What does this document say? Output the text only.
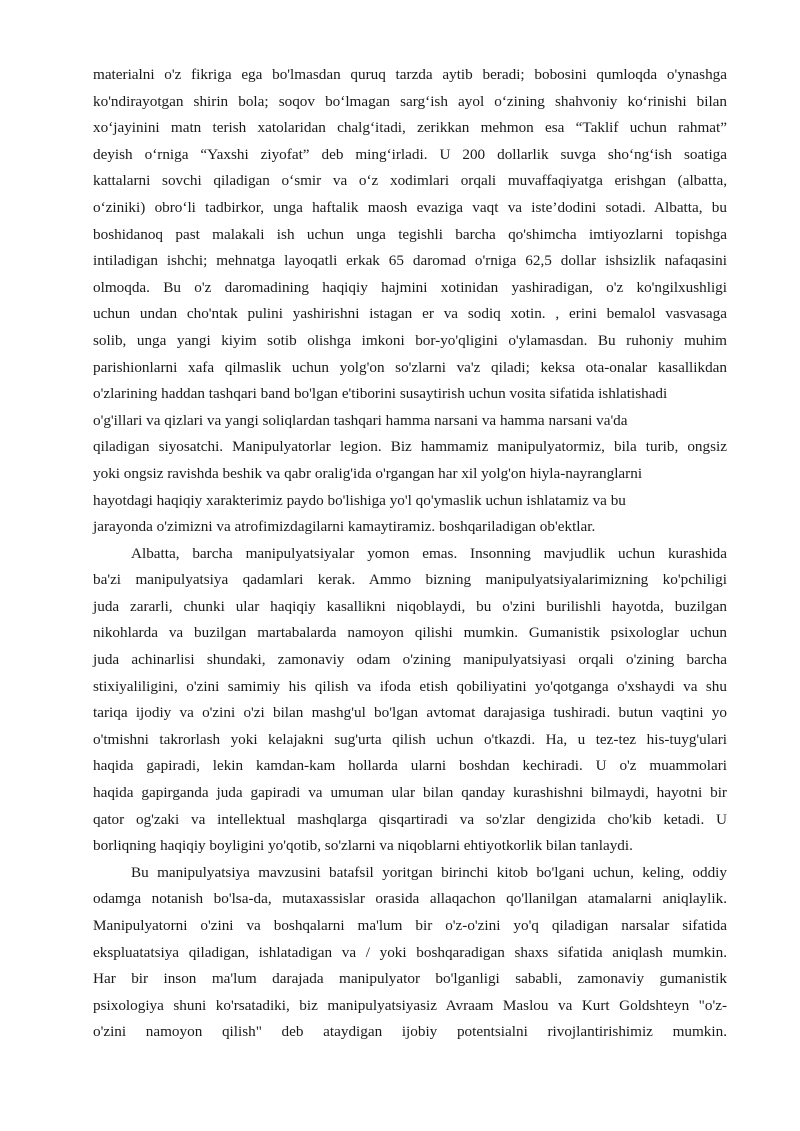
materialni o'z fikriga ega bo'lmasdan quruq tarzda aytib beradi; bobosini qumloqda o'ynashga
ko'ndirayotgan shirin bola; soqov bo‘lmagan sarg‘ish ayol o‘zining shahvoniy ko‘rinishi bilan
xo‘jayinini matn terish xatolaridan chalg‘itadi, zerikkan mehmon esa “Taklif uchun rahmat”
deyish o‘rniga “Yaxshi ziyofat” deb ming‘irladi. U 200 dollarlik suvga sho‘ng‘ish soatiga
kattalarni sovchi qiladigan o‘smir va o‘z xodimlari orqali muvaffaqiyatga erishgan (albatta,
o‘ziniki) obro‘li tadbirkor, unga haftalik maosh evaziga vaqt va iste’dodini sotadi. Albatta, bu
boshidanoq past malakali ish uchun unga tegishli barcha qo'shimcha imtiyozlarni topishga
intiladigan ishchi; mehnatga layoqatli erkak 65 daromad o'rniga 62,5 dollar ishsizlik nafaqasini
olmoqda. Bu o'z daromadining haqiqiy hajmini xotinidan yashiradigan, o'z ko'ngilxushligi
uchun undan cho'ntak pulini yashirishni istagan er va sodiq xotin. , erini bemalol vasvasaga
solib, unga yangi kiyim sotib olishga imkoni bor-yo'qligini o'ylamasdan. Bu ruhoniy muhim
parishionlarni xafa qilmaslik uchun yolg'on so'zlarni va'z qiladi; keksa ota-onalar kasallikdan
o'zlarining haddan tashqari band bo'lgan e'tiborini susaytirish uchun vosita sifatida ishlatishadi
o'g'illari va qizlari va yangi soliqlardan tashqari hamma narsani va hamma narsani va'da
qiladigan siyosatchi. Manipulyatorlar legion. Biz hammamiz manipulyatormiz, bila turib, ongsiz
yoki ongsiz ravishda beshik va qabr oralig'ida o'rgangan har xil yolg'on hiyla-nayranglarni
hayotdagi haqiqiy xarakterimiz paydo bo'lishiga yo'l qo'ymaslik uchun ishlatamiz va bu
jarayonda o'zimizni va atrofimizdagilarni kamaytiramiz. boshqariladigan ob'ektlar.

Albatta, barcha manipulyatsiyalar yomon emas. Insonning mavjudlik uchun kurashida
ba'zi manipulyatsiya qadamlari kerak. Ammo bizning manipulyatsiyalarimizning ko'pchiligi
juda zararli, chunki ular haqiqiy kasallikni niqoblaydi, bu o'zini burilishli hayotda, buzilgan
nikohlarda va buzilgan martabalarda namoyon qilishi mumkin. Gumanistik psixologlar uchun
juda achinarlisi shundaki, zamonaviy odam o'zining manipulyatsiyasi orqali o'zining barcha
stixiyaliligini, o'zini samimiy his qilish va ifoda etish qobiliyatini yo'qotganga o'xshaydi va shu
tariqa ijodiy va o'zini o'zi bilan mashg'ul bo'lgan avtomat darajasiga tushiradi. butun vaqtini yo
o'tmishni takrorlash yoki kelajakni sug'urta qilish uchun o'tkazdi. Ha, u tez-tez his-tuyg'ulari
haqida gapiradi, lekin kamdan-kam hollarda ularni boshdan kechiradi. U o'z muammolari
haqida gapirganda juda gapiradi va umuman ular bilan qanday kurashishni bilmaydi, hayotni bir
qator og'zaki va intellektual mashqlarga qisqartiradi va so'zlar dengizida cho'kib ketadi. U
borliqning haqiqiy boyligini yo'qotib, so'zlarni va niqoblarni ehtiyotkorlik bilan tanlaydi.

Bu manipulyatsiya mavzusini batafsil yoritgan birinchi kitob bo'lgani uchun, keling, oddiy
odamga notanish bo'lsa-da, mutaxassislar orasida allaqachon qo'llanilgan atamalarni aniqlaylik.
Manipulyatorni o'zini va boshqalarni ma'lum bir o'z-o'zini yo'q qiladigan narsalar sifatida
ekspluatatsiya qiladigan, ishlatadigan va / yoki boshqaradigan shaxs sifatida aniqlash mumkin.
Har bir inson ma'lum darajada manipulyator bo'lganligi sababli, zamonaviy gumanistik
psixologiya shuni ko'rsatadiki, biz manipulyatsiyasiz Avraam Maslou va Kurt Goldshteyn "o'z-
o'zini namoyon qilish" deb ataydigan ijobiy potentsialni rivojlantirishimiz mumkin.
